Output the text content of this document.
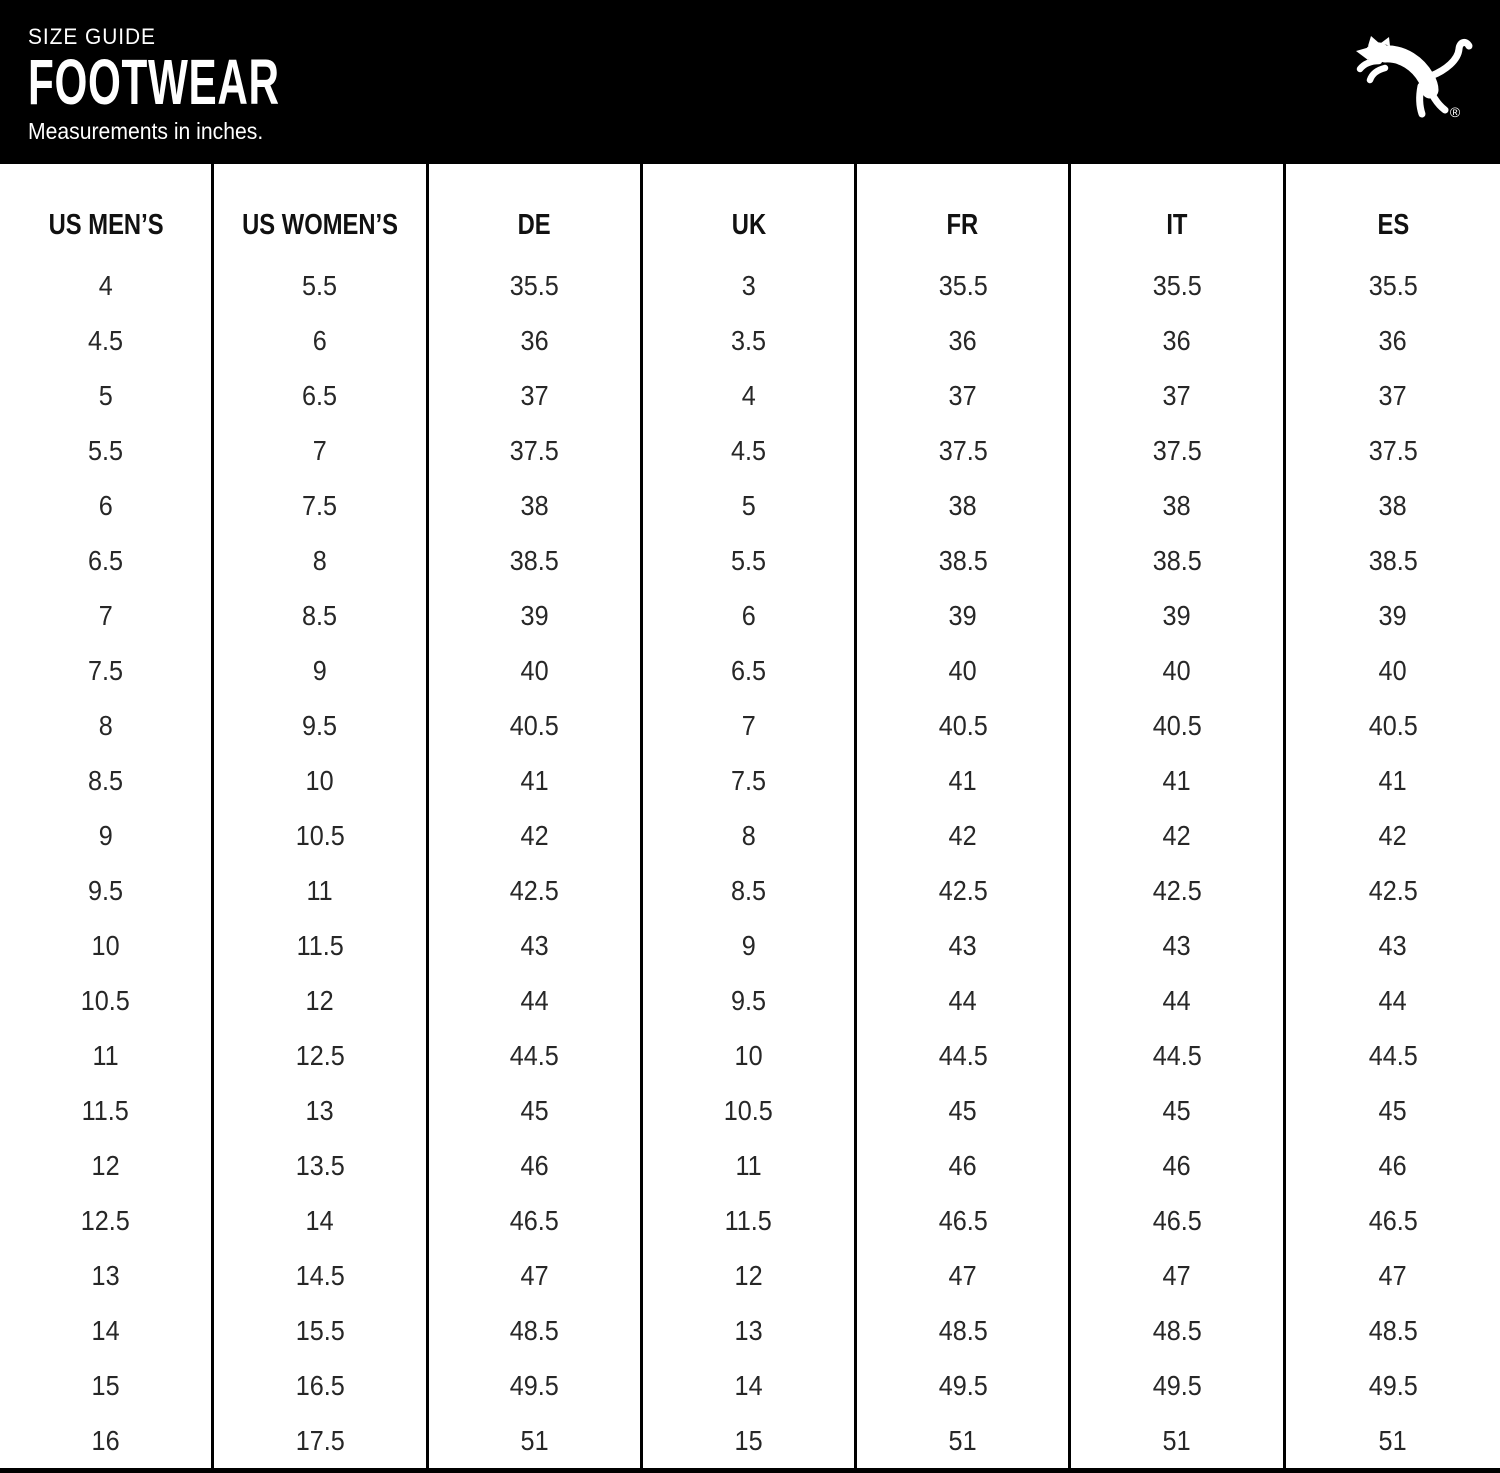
SIZE GUIDE
FOOTWEAR
Measurements in inches.
®
US MEN’S	US WOMEN’S	DE	UK	FR	IT	ES
4	5.5	35.5	3	35.5	35.5	35.5
4.5	6	36	3.5	36	36	36
5	6.5	37	4	37	37	37
5.5	7	37.5	4.5	37.5	37.5	37.5
6	7.5	38	5	38	38	38
6.5	8	38.5	5.5	38.5	38.5	38.5
7	8.5	39	6	39	39	39
7.5	9	40	6.5	40	40	40
8	9.5	40.5	7	40.5	40.5	40.5
8.5	10	41	7.5	41	41	41
9	10.5	42	8	42	42	42
9.5	11	42.5	8.5	42.5	42.5	42.5
10	11.5	43	9	43	43	43
10.5	12	44	9.5	44	44	44
11	12.5	44.5	10	44.5	44.5	44.5
11.5	13	45	10.5	45	45	45
12	13.5	46	11	46	46	46
12.5	14	46.5	11.5	46.5	46.5	46.5
13	14.5	47	12	47	47	47
14	15.5	48.5	13	48.5	48.5	48.5
15	16.5	49.5	14	49.5	49.5	49.5
16	17.5	51	15	51	51	51
